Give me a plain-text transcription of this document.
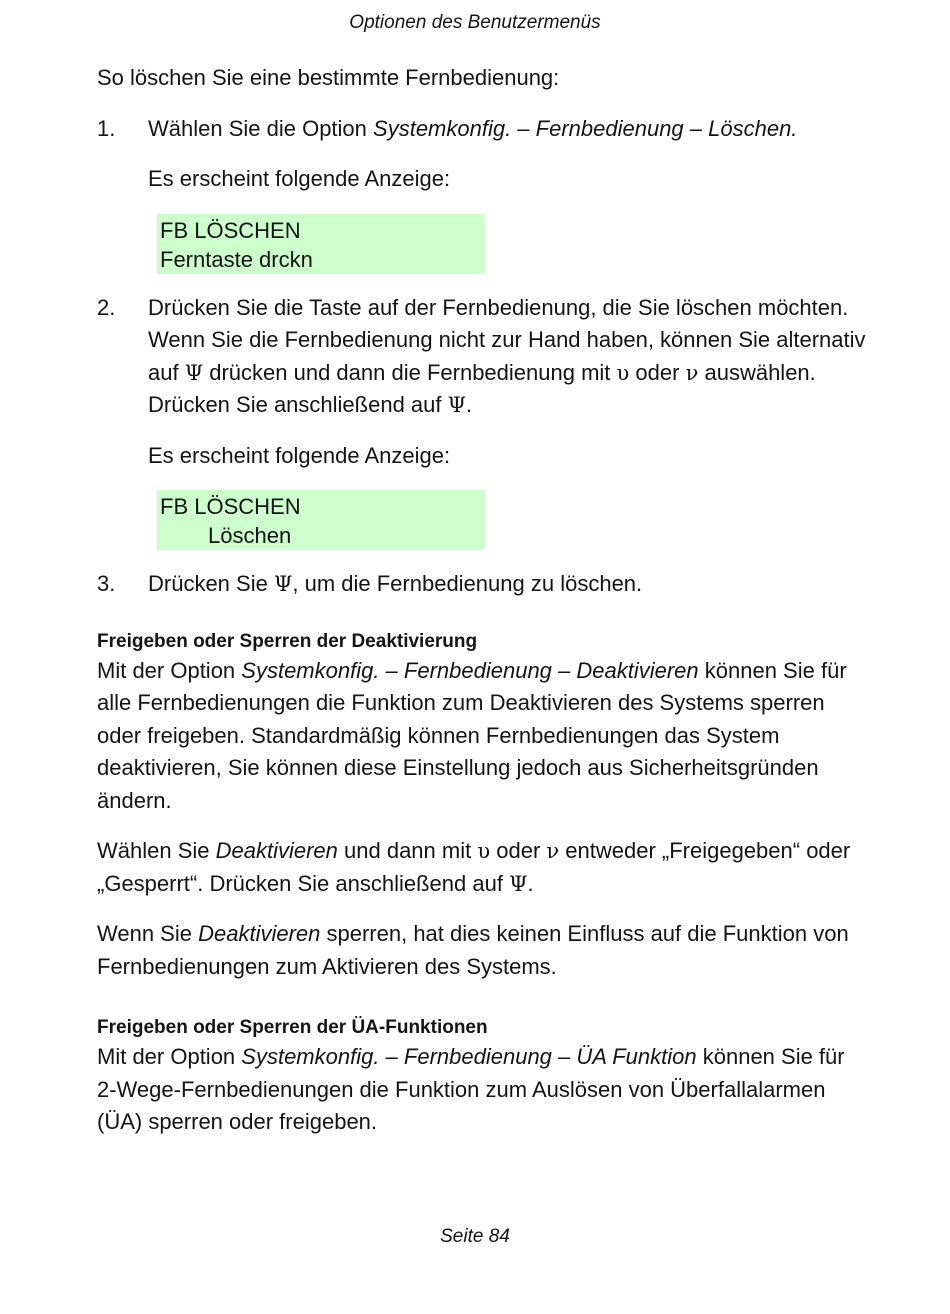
Optionen des Benutzermenüs

So löschen Sie eine bestimmte Fernbedienung:

1. Wählen Sie die Option Systemkonfig. – Fernbedienung – Löschen.

Es erscheint folgende Anzeige:

FB LÖSCHEN
Ferntaste drckn

2. Drücken Sie die Taste auf der Fernbedienung, die Sie löschen möchten. Wenn Sie die Fernbedienung nicht zur Hand haben, können Sie alternativ auf Ψ drücken und dann die Fernbedienung mit υ oder ν auswählen. Drücken Sie anschließend auf Ψ.

Es erscheint folgende Anzeige:

FB LÖSCHEN
Löschen

3. Drücken Sie Ψ, um die Fernbedienung zu löschen.

Freigeben oder Sperren der Deaktivierung

Mit der Option Systemkonfig. – Fernbedienung – Deaktivieren können Sie für alle Fernbedienungen die Funktion zum Deaktivieren des Systems sperren oder freigeben. Standardmäßig können Fernbedienungen das System deaktivieren, Sie können diese Einstellung jedoch aus Sicherheitsgründen ändern.

Wählen Sie Deaktivieren und dann mit υ oder ν entweder „Freigegeben“ oder „Gesperrt“. Drücken Sie anschließend auf Ψ.

Wenn Sie Deaktivieren sperren, hat dies keinen Einfluss auf die Funktion von Fernbedienungen zum Aktivieren des Systems.

Freigeben oder Sperren der ÜA-Funktionen

Mit der Option Systemkonfig. – Fernbedienung – ÜA Funktion können Sie für 2-Wege-Fernbedienungen die Funktion zum Auslösen von Überfallalarmen (ÜA) sperren oder freigeben.

Seite 84
